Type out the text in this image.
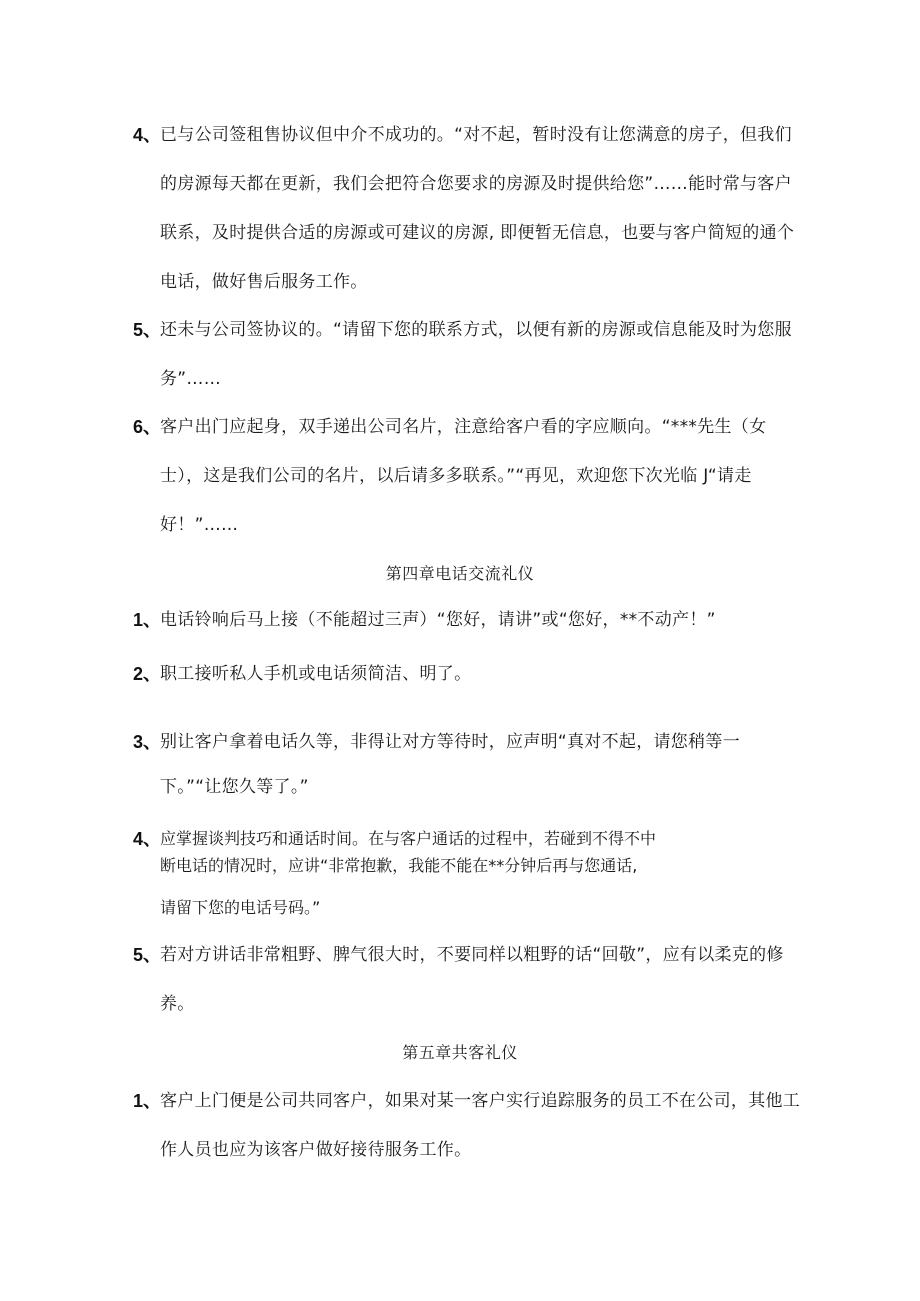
4、
已与公司签租售协议但中介不成功的。“对不起，暂时没有让您满意的房子，但我们
的房源每天都在更新，我们会把符合您要求的房源及时提供给您”……能时常与客户
联系，及时提供合适的房源或可建议的房源, 即便暂无信息，也要与客户简短的通个
电话，做好售后服务工作。
5、
还未与公司签协议的。“请留下您的联系方式，以便有新的房源或信息能及时为您服
务”……
6、
客户出门应起身，双手递出公司名片，注意给客户看的字应顺向。“***先生（女
士），这是我们公司的名片，以后请多多联系。”“再见，欢迎您下次光临 J“请走
好！”……
第四章电话交流礼仪
1、
电话铃响后马上接（不能超过三声）“您好，请讲”或“您好，**不动产！”
2、
职工接听私人手机或电话须简洁、明了。
3、
别让客户拿着电话久等，非得让对方等待时，应声明“真对不起，请您稍等一
下。”“让您久等了。”
4、
应掌握谈判技巧和通话时间。在与客户通话的过程中，若碰到不得不中
断电话的情况时，应讲“非常抱歉，我能不能在**分钟后再与您通话,
请留下您的电话号码。”
5、
若对方讲话非常粗野、脾气很大时，不要同样以粗野的话“回敬”，应有以柔克的修
养。
第五章共客礼仪
1、
客户上门便是公司共同客户，如果对某一客户实行追踪服务的员工不在公司，其他工
作人员也应为该客户做好接待服务工作。
